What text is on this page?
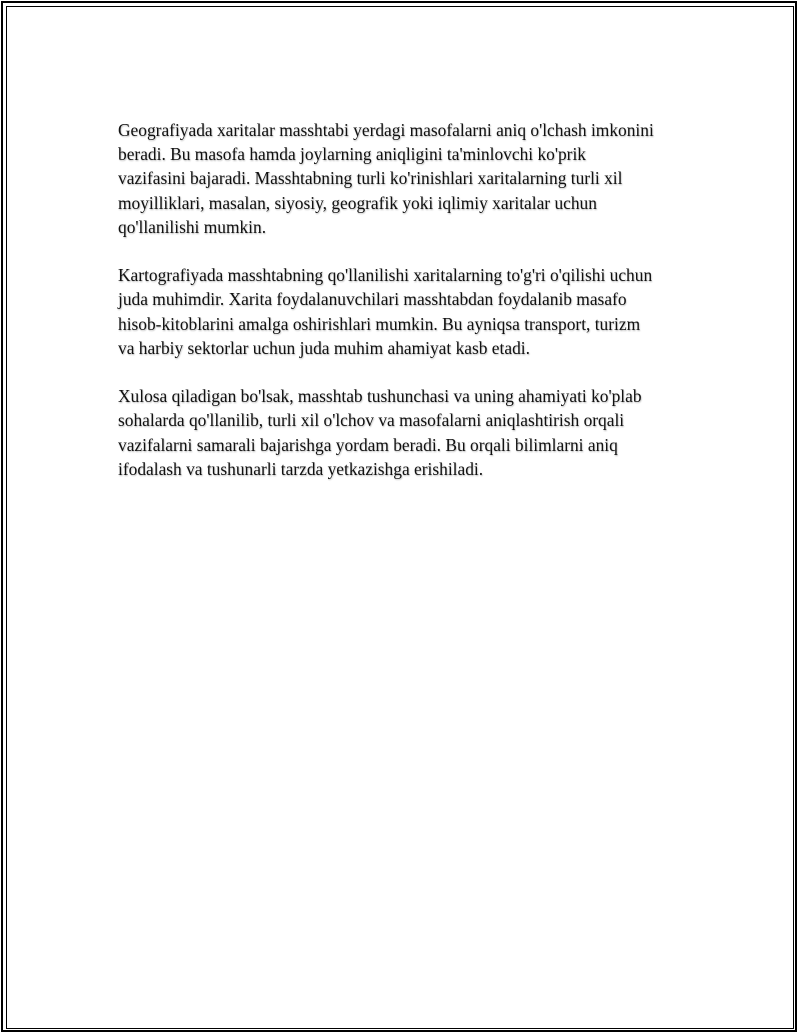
Geografiyada xaritalar masshtabi yerdagi masofalarni aniq o'lchash imkonini
beradi. Bu masofa hamda joylarning aniqligini ta'minlovchi ko'prik
vazifasini bajaradi. Masshtabning turli ko'rinishlari xaritalarning turli xil
moyilliklari, masalan, siyosiy, geografik yoki iqlimiy xaritalar uchun
qo'llanilishi mumkin.

Kartografiyada masshtabning qo'llanilishi xaritalarning to'g'ri o'qilishi uchun
juda muhimdir. Xarita foydalanuvchilari masshtabdan foydalanib masafo
hisob-kitoblarini amalga oshirishlari mumkin. Bu ayniqsa transport, turizm
va harbiy sektorlar uchun juda muhim ahamiyat kasb etadi.

Xulosa qiladigan bo'lsak, masshtab tushunchasi va uning ahamiyati ko'plab
sohalarda qo'llanilib, turli xil o'lchov va masofalarni aniqlashtirish orqali
vazifalarni samarali bajarishga yordam beradi. Bu orqali bilimlarni aniq
ifodalash va tushunarli tarzda yetkazishga erishiladi.
